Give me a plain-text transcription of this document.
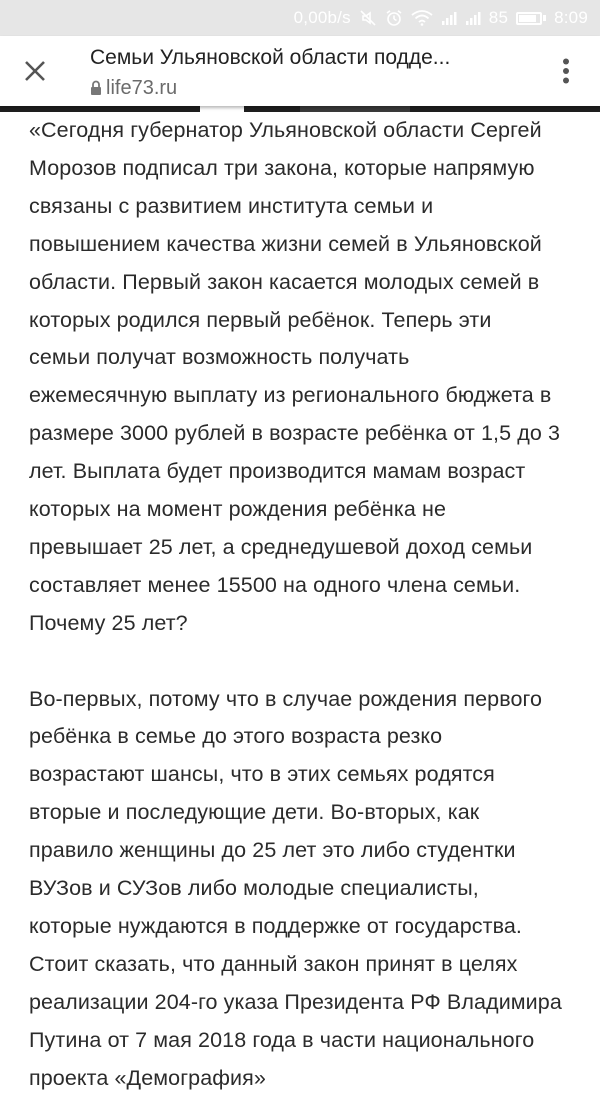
0,00b/s	85	8:09
Семьи Ульяновской области подде...
life73.ru

«Сегодня губернатор Ульяновской области Сергей
Морозов подписал три закона, которые напрямую
связаны с развитием института семьи и
повышением качества жизни семей в Ульяновской
области. Первый закон касается молодых семей в
которых родился первый ребёнок. Теперь эти
семьи получат возможность получать
ежемесячную выплату из регионального бюджета в
размере 3000 рублей в возрасте ребёнка от 1,5 до 3
лет. Выплата будет производится мамам возраст
которых на момент рождения ребёнка не
превышает 25 лет, а среднедушевой доход семьи
составляет менее 15500 на одного члена семьи.
Почему 25 лет?

Во-первых, потому что в случае рождения первого
ребёнка в семье до этого возраста резко
возрастают шансы, что в этих семьях родятся
вторые и последующие дети. Во-вторых, как
правило женщины до 25 лет это либо студентки
ВУЗов и СУЗов либо молодые специалисты,
которые нуждаются в поддержке от государства.
Стоит сказать, что данный закон принят в целях
реализации 204-го указа Президента РФ Владимира
Путина от 7 мая 2018 года в части национального
проекта «Демография»
